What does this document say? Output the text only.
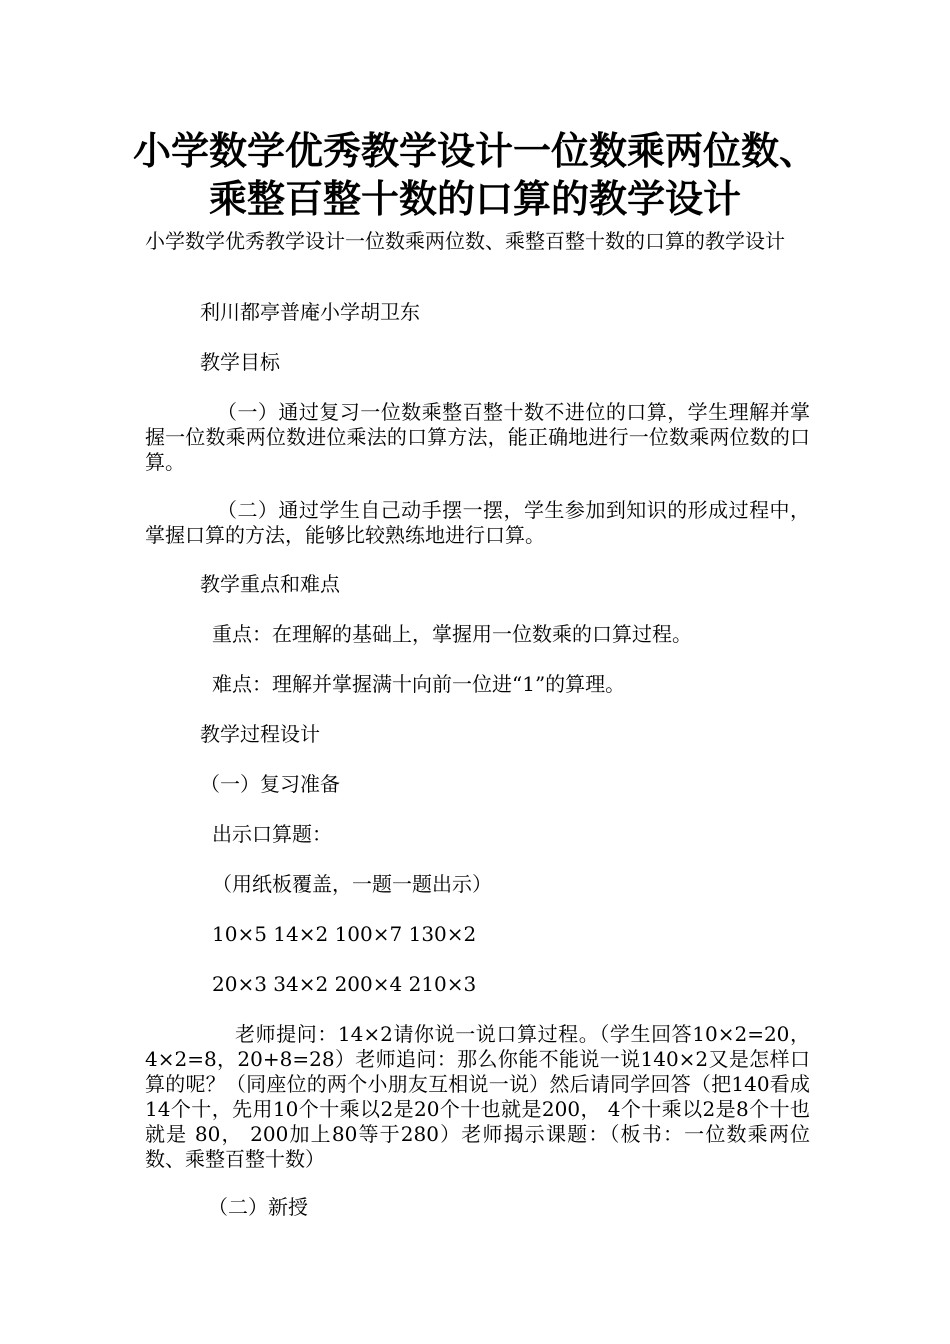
小学数学优秀教学设计一位数乘两位数、
乘整百整十数的口算的教学设计

小学数学优秀教学设计一位数乘两位数、乘整百整十数的口算的教学设计

利川都亭普庵小学胡卫东

教学目标

（一）通过复习一位数乘整百整十数不进位的口算，学生理解并掌握一位数乘两位数进位乘法的口算方法，能正确地进行一位数乘两位数的口算。

（二）通过学生自己动手摆一摆，学生参加到知识的形成过程中，掌握口算的方法，能够比较熟练地进行口算。

教学重点和难点

重点：在理解的基础上，掌握用一位数乘的口算过程。

难点：理解并掌握满十向前一位进“1”的算理。

教学过程设计

（一）复习准备

出示口算题：

（用纸板覆盖，一题一题出示）

10×5 14×2 100×7 130×2

20×3 34×2 200×4 210×3

老师提问：14×2请你说一说口算过程。（学生回答10×2=20，4×2=8，20+8=28）老师追问：那么你能不能说一说140×2又是怎样口算的呢？（同座位的两个小朋友互相说一说）然后请同学回答（把140看成14个十，先用10个十乘以2是20个十也就是200， 4个十乘以2是8个十也就是 80， 200加上80等于280）老师揭示课题：（板书：一位数乘两位数、乘整百整十数）

（二）新授
